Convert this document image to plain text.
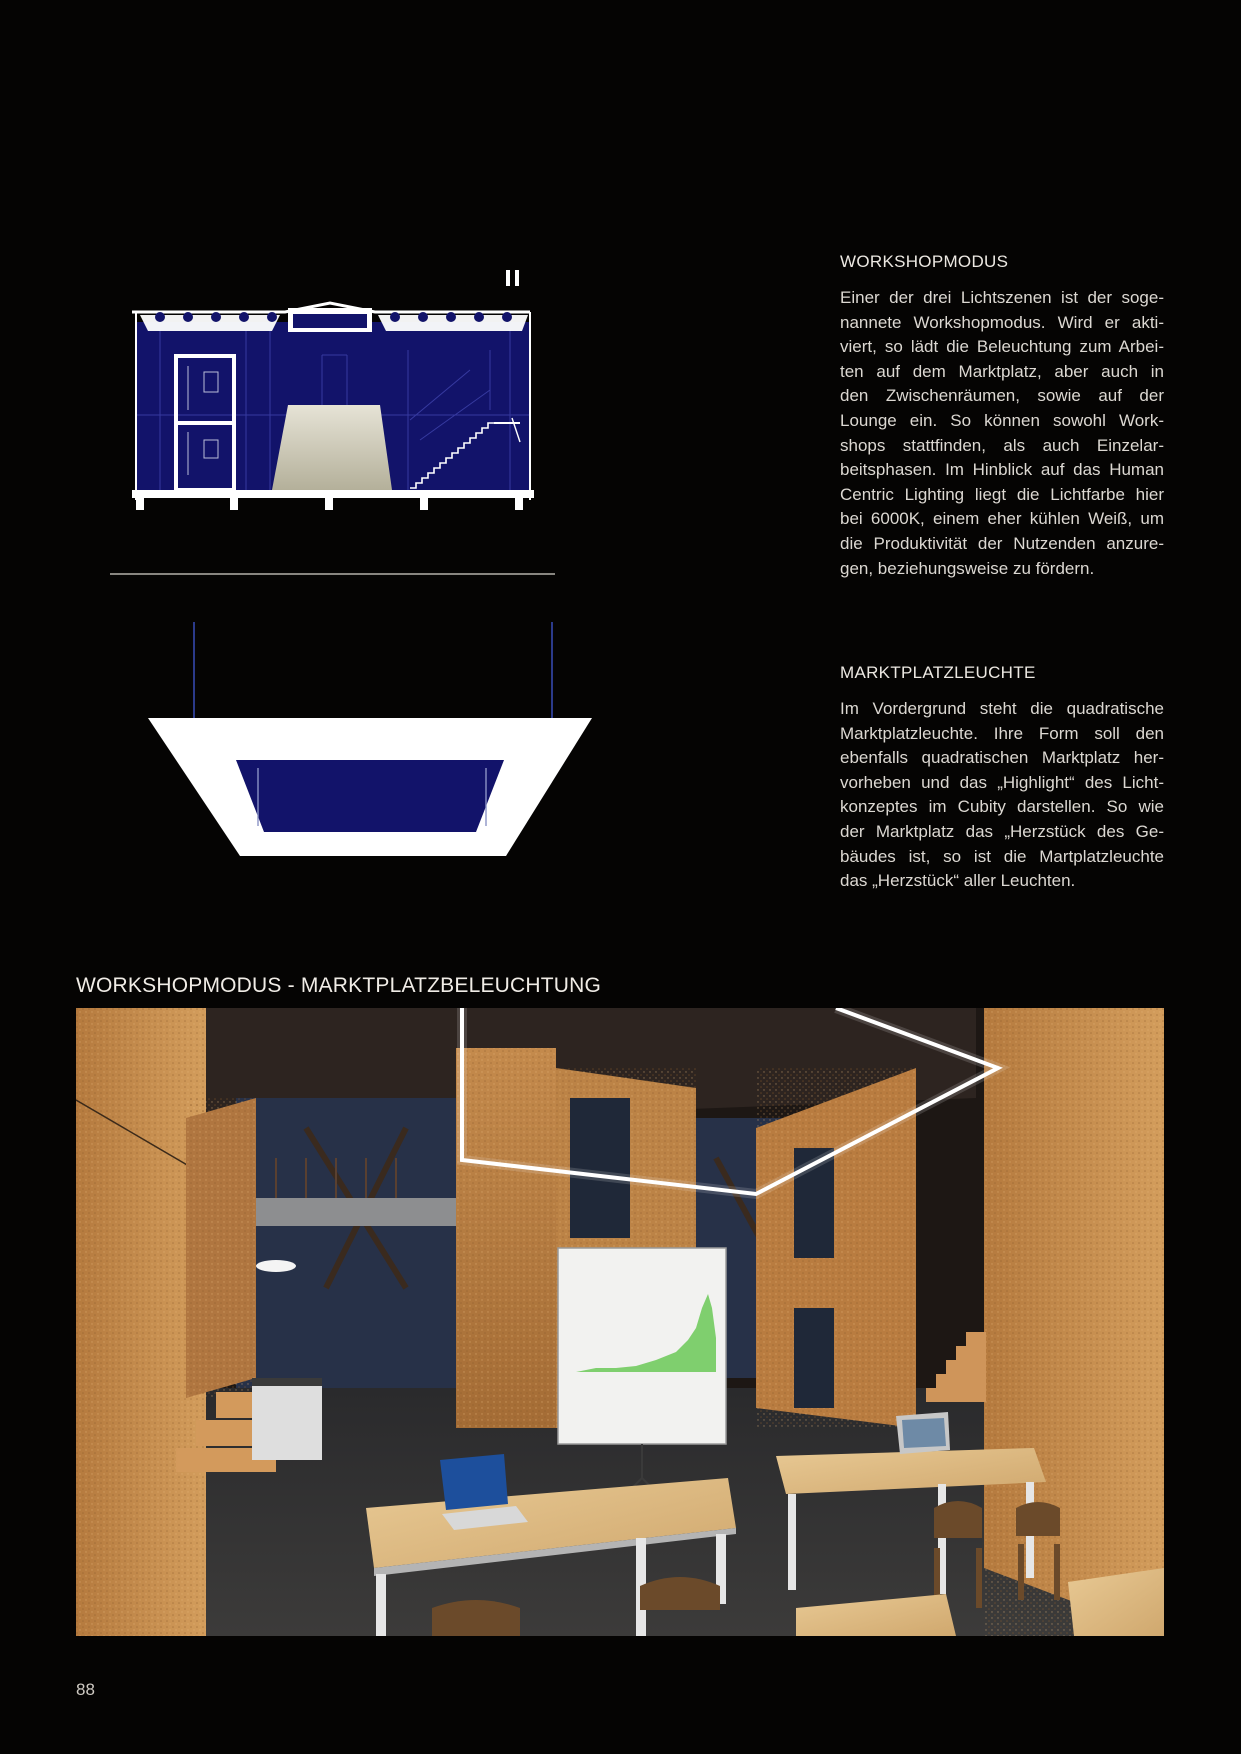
WORKSHOPMODUS
Einer der drei Lichtszenen ist der soge-
nannete Workshopmodus. Wird er akti-
viert, so lädt die Beleuchtung zum Arbei-
ten auf dem Marktplatz, aber auch in
den Zwischenräumen, sowie auf der
Lounge ein. So können sowohl Work-
shops stattfinden, als auch Einzelar-
beitsphasen. Im Hinblick auf das Human
Centric Lighting liegt die Lichtfarbe hier
bei 6000K, einem eher kühlen Weiß, um
die Produktivität der Nutzenden anzure-
gen, beziehungsweise zu fördern.
MARKTPLATZLEUCHTE
Im Vordergrund steht die quadratische
Marktplatzleuchte. Ihre Form soll den
ebenfalls quadratischen Marktplatz her-
vorheben und das „Highlight“ des Licht-
konzeptes im Cubity darstellen. So wie
der Marktplatz das „Herzstück des Ge-
bäudes ist, so ist die Martplatzleuchte
das „Herzstück“ aller Leuchten.
WORKSHOPMODUS - MARKTPLATZBELEUCHTUNG
88
